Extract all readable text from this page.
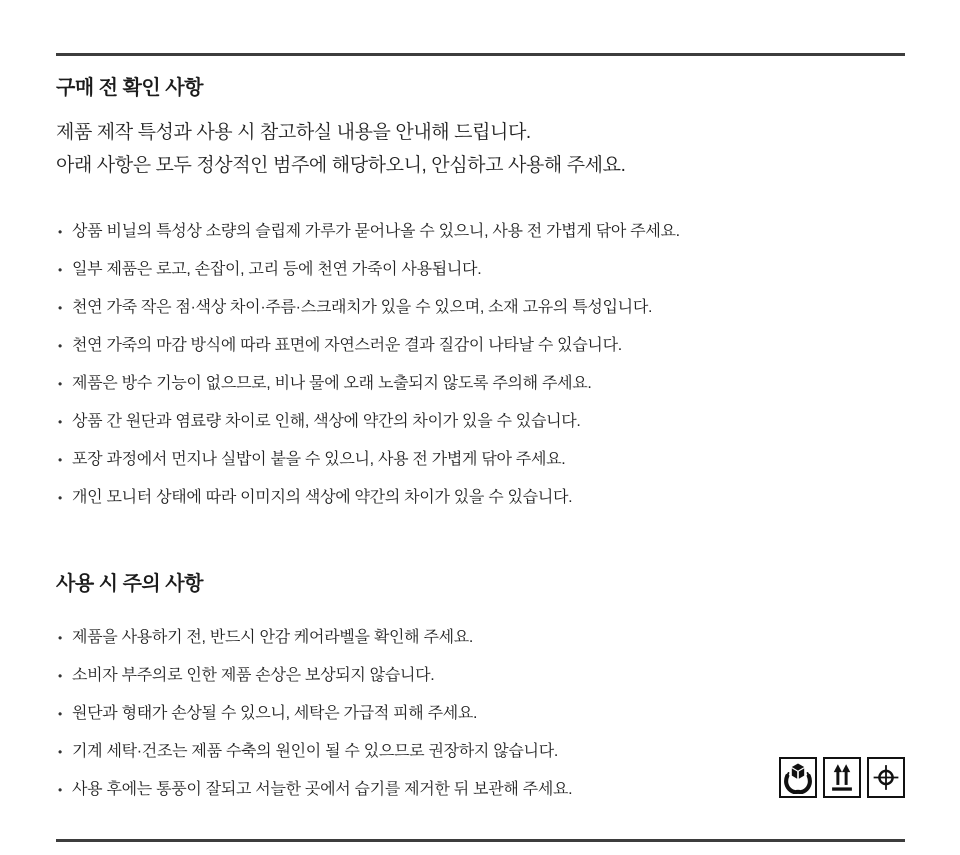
구매 전 확인 사항
제품 제작 특성과 사용 시 참고하실 내용을 안내해 드립니다.
아래 사항은 모두 정상적인 범주에 해당하오니, 안심하고 사용해 주세요.
• 상품 비닐의 특성상 소량의 슬립제 가루가 묻어나올 수 있으니, 사용 전 가볍게 닦아 주세요.
• 일부 제품은 로고, 손잡이, 고리 등에 천연 가죽이 사용됩니다.
• 천연 가죽 작은 점·색상 차이·주름·스크래치가 있을 수 있으며, 소재 고유의 특성입니다.
• 천연 가죽의 마감 방식에 따라 표면에 자연스러운 결과 질감이 나타날 수 있습니다.
• 제품은 방수 기능이 없으므로, 비나 물에 오래 노출되지 않도록 주의해 주세요.
• 상품 간 원단과 염료량 차이로 인해, 색상에 약간의 차이가 있을 수 있습니다.
• 포장 과정에서 먼지나 실밥이 붙을 수 있으니, 사용 전 가볍게 닦아 주세요.
• 개인 모니터 상태에 따라 이미지의 색상에 약간의 차이가 있을 수 있습니다.
사용 시 주의 사항
• 제품을 사용하기 전, 반드시 안감 케어라벨을 확인해 주세요.
• 소비자 부주의로 인한 제품 손상은 보상되지 않습니다.
• 원단과 형태가 손상될 수 있으니, 세탁은 가급적 피해 주세요.
• 기계 세탁·건조는 제품 수축의 원인이 될 수 있으므로 권장하지 않습니다.
• 사용 후에는 통풍이 잘되고 서늘한 곳에서 습기를 제거한 뒤 보관해 주세요.
